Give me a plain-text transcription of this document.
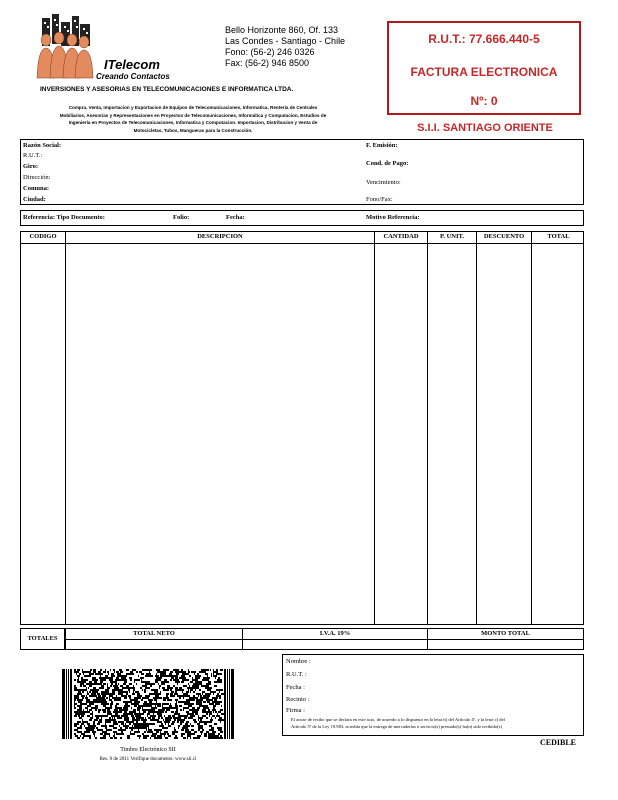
ITelecom
Creando Contactos
Bello Horizonte 860, Of. 133
Las Condes - Santiago - Chile
Fono: (56-2) 246 0326
Fax: (56-2) 946 8500
INVERSIONES Y ASESORIAS EN TELECOMUNICACIONES E INFORMATICA LTDA.
Compra, Venta, Importacion y Exportacion de Equipos de Telecomunicaciones, Informatica, Rentería de Centrales
Mobiliarios, Asesorías y Representaciones en Proyectos de Telecomunicaciones, Informática y Computacion, Estudios de
Ingeniería en Proyectos de Telecomunicaciones, Informatica y Computacion. Importacion, Distribucion y Venta de
Motocicletas, Tubos, Mangueras para la Construcción.
R.U.T.: 77.666.440-5
FACTURA ELECTRONICA
Nº: 0
S.I.I. SANTIAGO ORIENTE
Razón Social:
R.U.T.:
Giro:
Dirección:
Comuna:
Ciudad:
F. Emisión:
Cond. de Pago:
Vencimiento:
Fono/Fax:
Referencia: Tipo Documento:	Folio:	Fecha:	Motivo Referencia:
CODIGO	DESCRIPCION	CANTIDAD	P. UNIT.	DESCUENTO	TOTAL
TOTALES
TOTAL NETO	I.V.A. 19%	MONTO TOTAL
Timbre Electrónico SII
Res. 0 de 2011 Verifique documento: www.sii.cl
Nombre :
R.U.T. :
Fecha :
Recinto :
Firma :
El acuse de recibo que se declara en este acto, de acuerdo a lo dispuesto en la letra b) del Artículo 4º, y la letra c) del
Artículo 5º de la Ley 19.983, acredita que la entrega de mercaderías o servicio(s) prestado(s) ha(n) sido recibido(s)
CEDIBLE
